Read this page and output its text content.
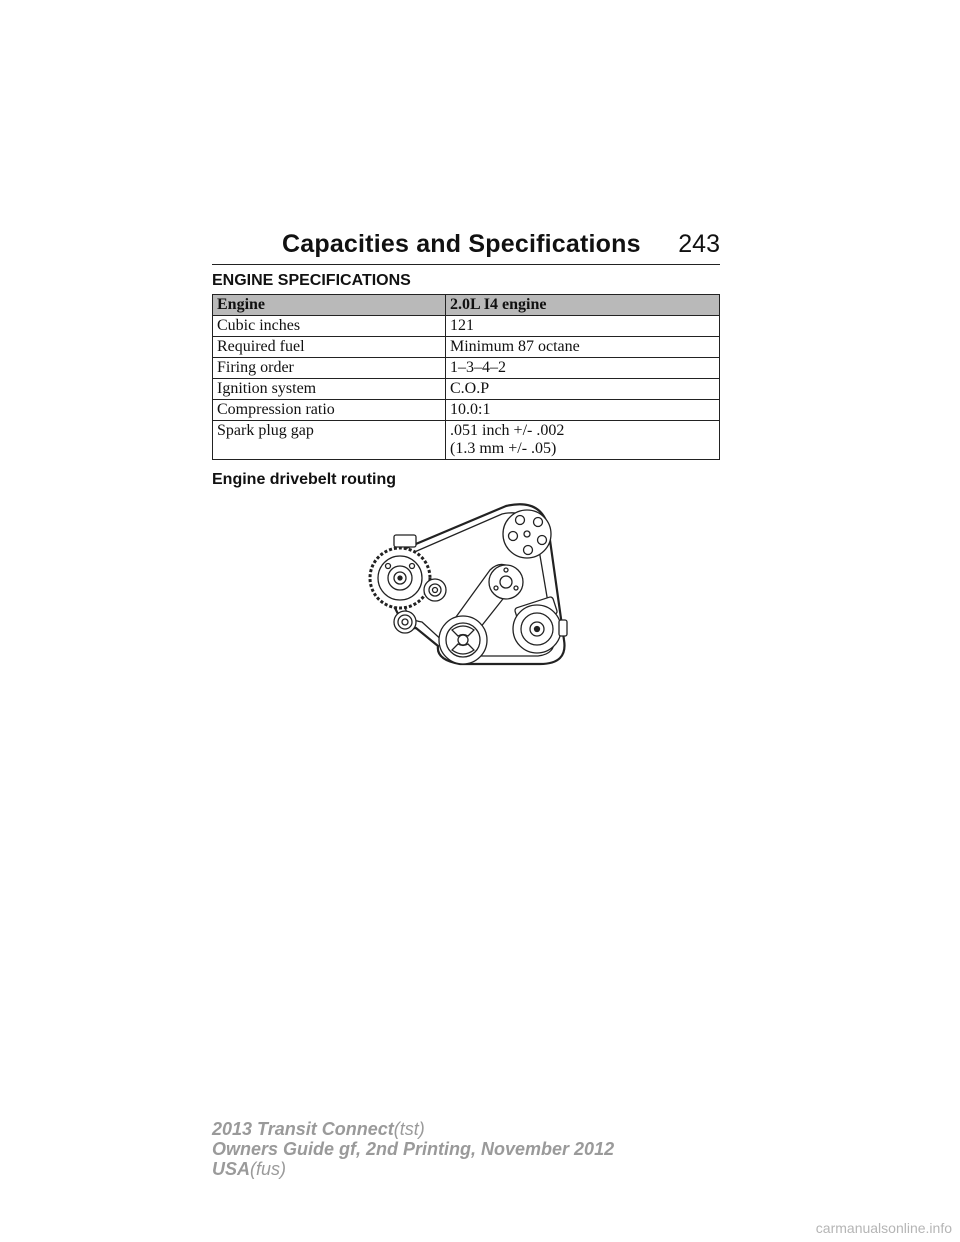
Capacities and Specifications 243
ENGINE SPECIFICATIONS
Engine	2.0L I4 engine
Cubic inches	121

Required fuel	Minimum 87 octane

Firing order	1–3–4–2

Ignition system	C.O.P

Compression ratio	10.0:1

Spark plug gap	.051 inch +/- .002
(1.3 mm +/- .05)
Engine drivebelt routing
2013 Transit Connect(tst)
Owners Guide gf, 2nd Printing, November 2012
USA(fus)
carmanualsonline.info
